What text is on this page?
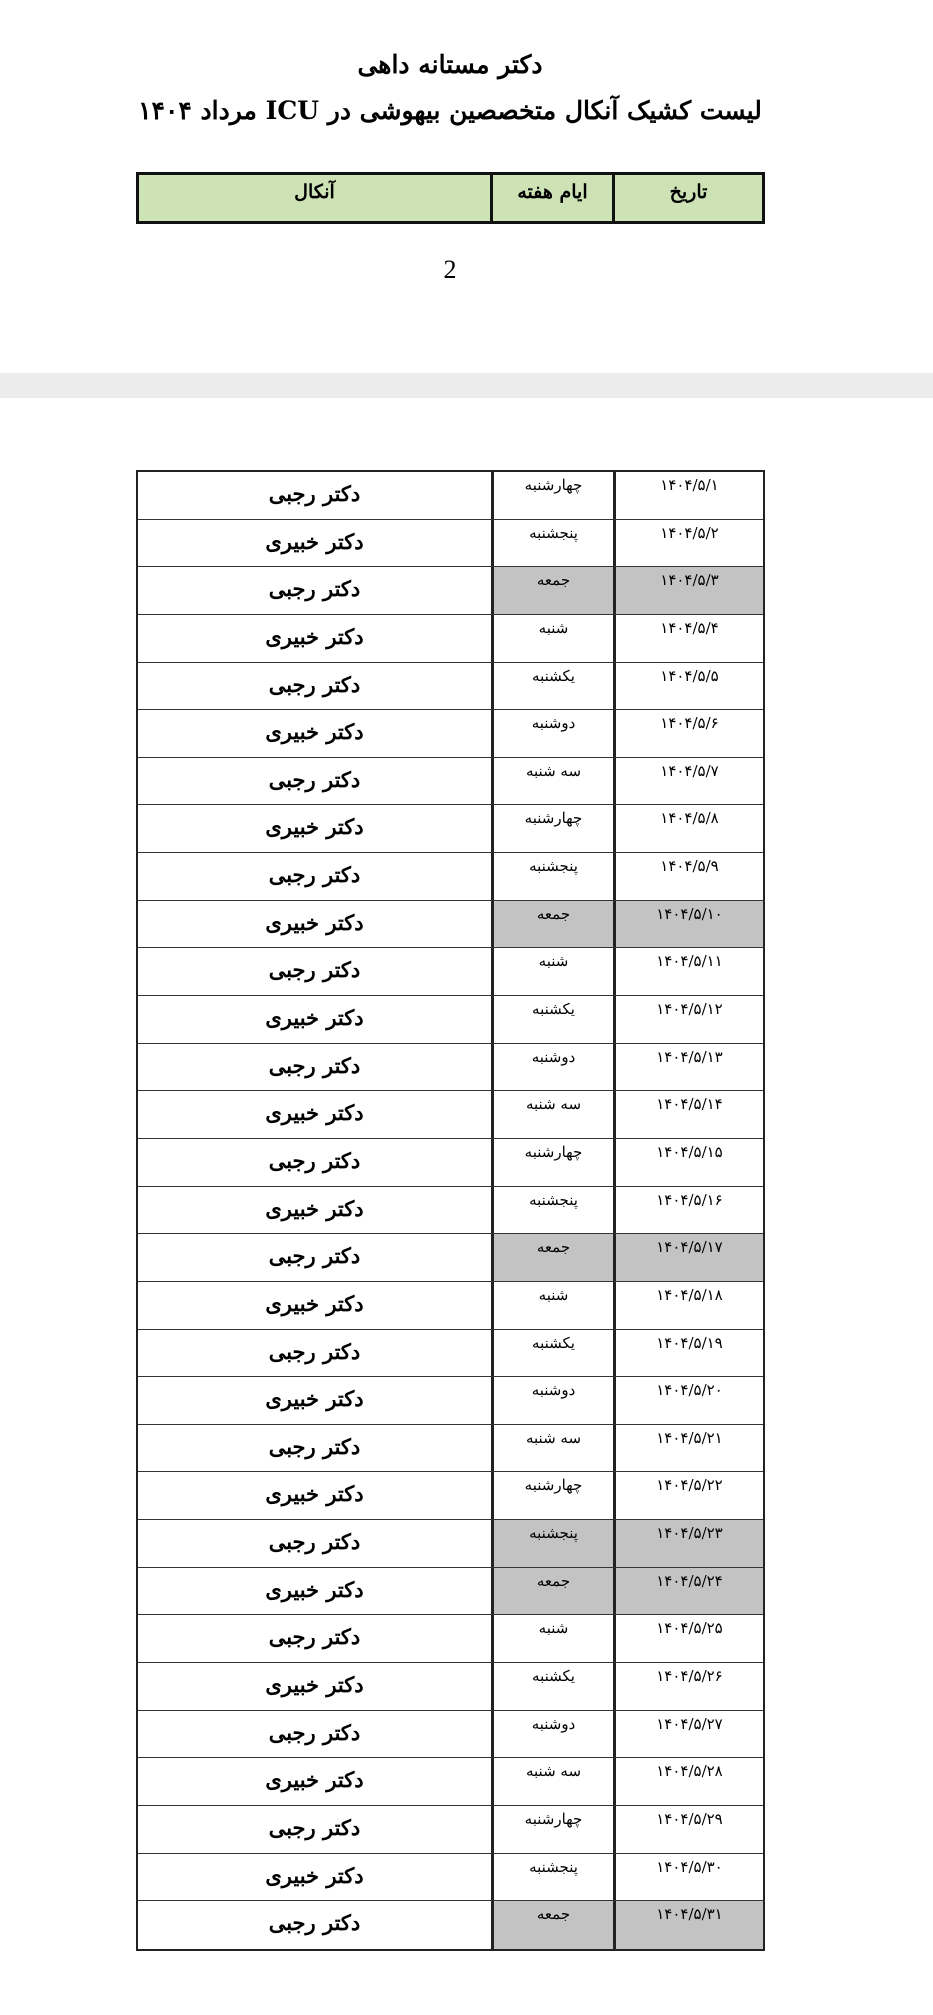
دکتر مستانه داهی
لیست کشیک آنکال متخصصین بیهوشی در ICU مرداد ۱۴۰۴
تاریخ
ایام هفته
آنکال
2
۱۴۰۴/۵/۱
چهارشنبه
دکتر رجبی
۱۴۰۴/۵/۲
پنجشنبه
دکتر خبیری
۱۴۰۴/۵/۳
جمعه
دکتر رجبی
۱۴۰۴/۵/۴
شنبه
دکتر خبیری
۱۴۰۴/۵/۵
یکشنبه
دکتر رجبی
۱۴۰۴/۵/۶
دوشنبه
دکتر خبیری
۱۴۰۴/۵/۷
سه شنبه
دکتر رجبی
۱۴۰۴/۵/۸
چهارشنبه
دکتر خبیری
۱۴۰۴/۵/۹
پنجشنبه
دکتر رجبی
۱۴۰۴/۵/۱۰
جمعه
دکتر خبیری
۱۴۰۴/۵/۱۱
شنبه
دکتر رجبی
۱۴۰۴/۵/۱۲
یکشنبه
دکتر خبیری
۱۴۰۴/۵/۱۳
دوشنبه
دکتر رجبی
۱۴۰۴/۵/۱۴
سه شنبه
دکتر خبیری
۱۴۰۴/۵/۱۵
چهارشنبه
دکتر رجبی
۱۴۰۴/۵/۱۶
پنجشنبه
دکتر خبیری
۱۴۰۴/۵/۱۷
جمعه
دکتر رجبی
۱۴۰۴/۵/۱۸
شنبه
دکتر خبیری
۱۴۰۴/۵/۱۹
یکشنبه
دکتر رجبی
۱۴۰۴/۵/۲۰
دوشنبه
دکتر خبیری
۱۴۰۴/۵/۲۱
سه شنبه
دکتر رجبی
۱۴۰۴/۵/۲۲
چهارشنبه
دکتر خبیری
۱۴۰۴/۵/۲۳
پنجشنبه
دکتر رجبی
۱۴۰۴/۵/۲۴
جمعه
دکتر خبیری
۱۴۰۴/۵/۲۵
شنبه
دکتر رجبی
۱۴۰۴/۵/۲۶
یکشنبه
دکتر خبیری
۱۴۰۴/۵/۲۷
دوشنبه
دکتر رجبی
۱۴۰۴/۵/۲۸
سه شنبه
دکتر خبیری
۱۴۰۴/۵/۲۹
چهارشنبه
دکتر رجبی
۱۴۰۴/۵/۳۰
پنجشنبه
دکتر خبیری
۱۴۰۴/۵/۳۱
جمعه
دکتر رجبی
